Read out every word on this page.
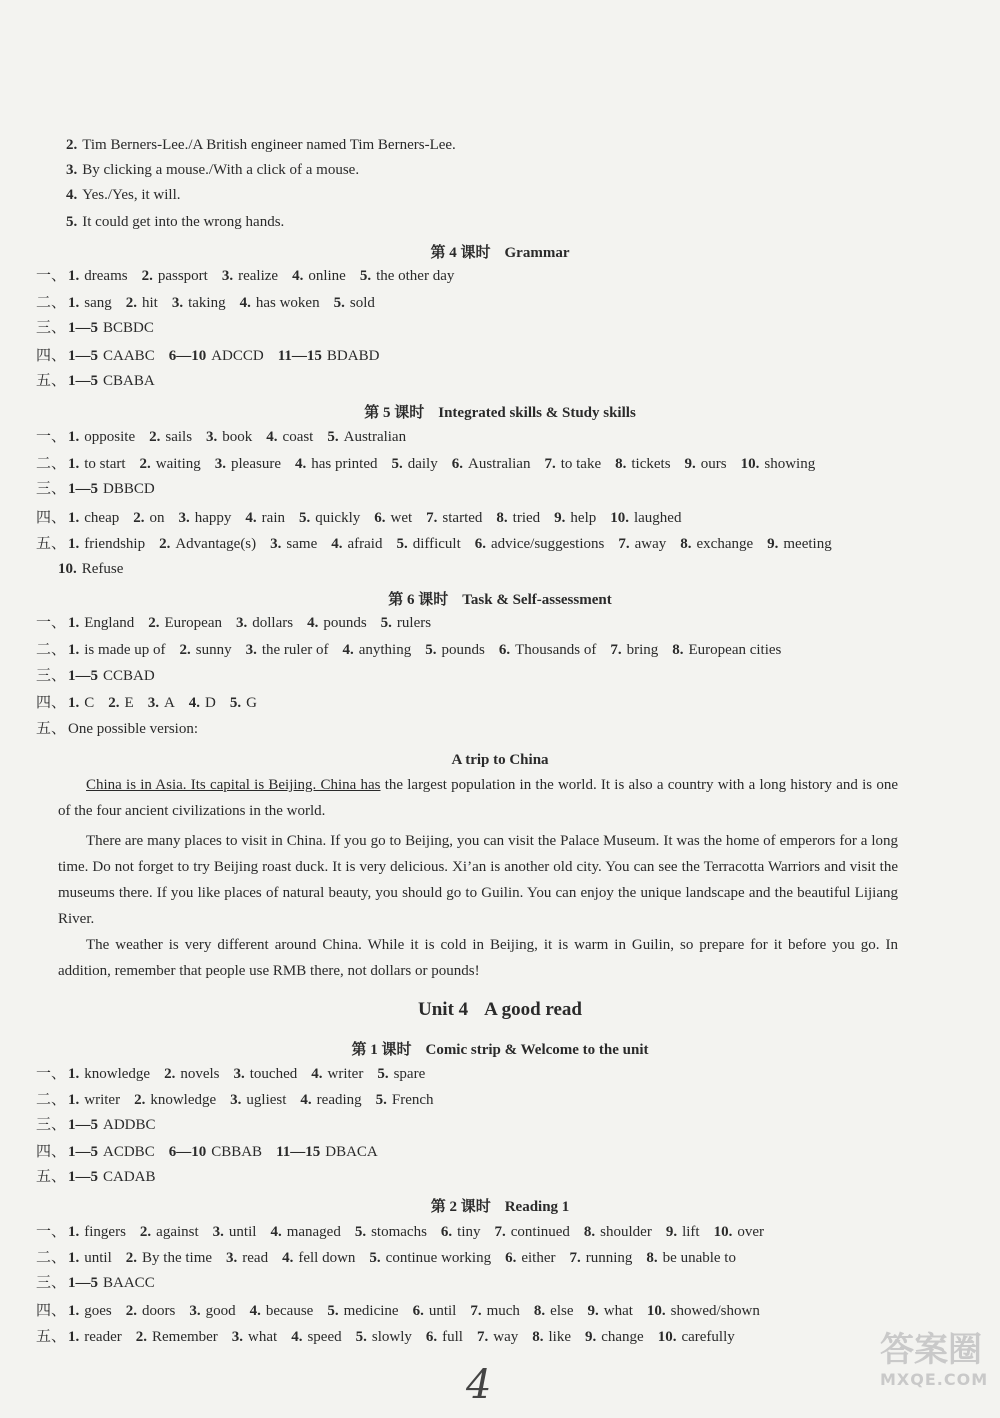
2. Tim Berners-Lee./A British engineer named Tim Berners-Lee.
3. By clicking a mouse./With a click of a mouse.
4. Yes./Yes, it will.
5. It could get into the wrong hands.
第 4 课时 Grammar
一、 1. dreams 2. passport 3. realize 4. online 5. the other day
二、 1. sang 2. hit 3. taking 4. has woken 5. sold
三、 1—5 BCBDC
四、 1—5 CAABC 6—10 ADCCD 11—15 BDABD
五、 1—5 CBABA
第 5 课时 Integrated skills & Study skills
一、 1. opposite 2. sails 3. book 4. coast 5. Australian
二、 1. to start 2. waiting 3. pleasure 4. has printed 5. daily 6. Australian 7. to take 8. tickets 9. ours 10. showing
三、 1—5 DBBCD
四、 1. cheap 2. on 3. happy 4. rain 5. quickly 6. wet 7. started 8. tried 9. help 10. laughed
五、 1. friendship 2. Advantage(s) 3. same 4. afraid 5. difficult 6. advice/suggestions 7. away 8. exchange 9. meeting
10. Refuse
第 6 课时 Task & Self-assessment
一、 1. England 2. European 3. dollars 4. pounds 5. rulers
二、 1. is made up of 2. sunny 3. the ruler of 4. anything 5. pounds 6. Thousands of 7. bring 8. European cities
三、 1—5 CCBAD
四、 1. C 2. E 3. A 4. D 5. G
五、 One possible version:
A trip to China
China is in Asia. Its capital is Beijing. China has the largest population in the world. It is also a country with a long history and is one of the four ancient civilizations in the world.
There are many places to visit in China. If you go to Beijing, you can visit the Palace Museum. It was the home of emperors for a long time. Do not forget to try Beijing roast duck. It is very delicious. Xi’an is another old city. You can see the Terracotta Warriors and visit the museums there. If you like places of natural beauty, you should go to Guilin. You can enjoy the unique landscape and the beautiful Lijiang River.
The weather is very different around China. While it is cold in Beijing, it is warm in Guilin, so prepare for it before you go. In addition, remember that people use RMB there, not dollars or pounds!
Unit 4 A good read
第 1 课时 Comic strip & Welcome to the unit
一、 1. knowledge 2. novels 3. touched 4. writer 5. spare
二、 1. writer 2. knowledge 3. ugliest 4. reading 5. French
三、 1—5 ADDBC
四、 1—5 ACDBC 6—10 CBBAB 11—15 DBACA
五、 1—5 CADAB
第 2 课时 Reading 1
一、 1. fingers 2. against 3. until 4. managed 5. stomachs 6. tiny 7. continued 8. shoulder 9. lift 10. over
二、 1. until 2. By the time 3. read 4. fell down 5. continue working 6. either 7. running 8. be unable to
三、 1—5 BAACC
四、 1. goes 2. doors 3. good 4. because 5. medicine 6. until 7. much 8. else 9. what 10. showed/shown
五、 1. reader 2. Remember 3. what 4. speed 5. slowly 6. full 7. way 8. like 9. change 10. carefully
4
答案圈
MXQE.COM
